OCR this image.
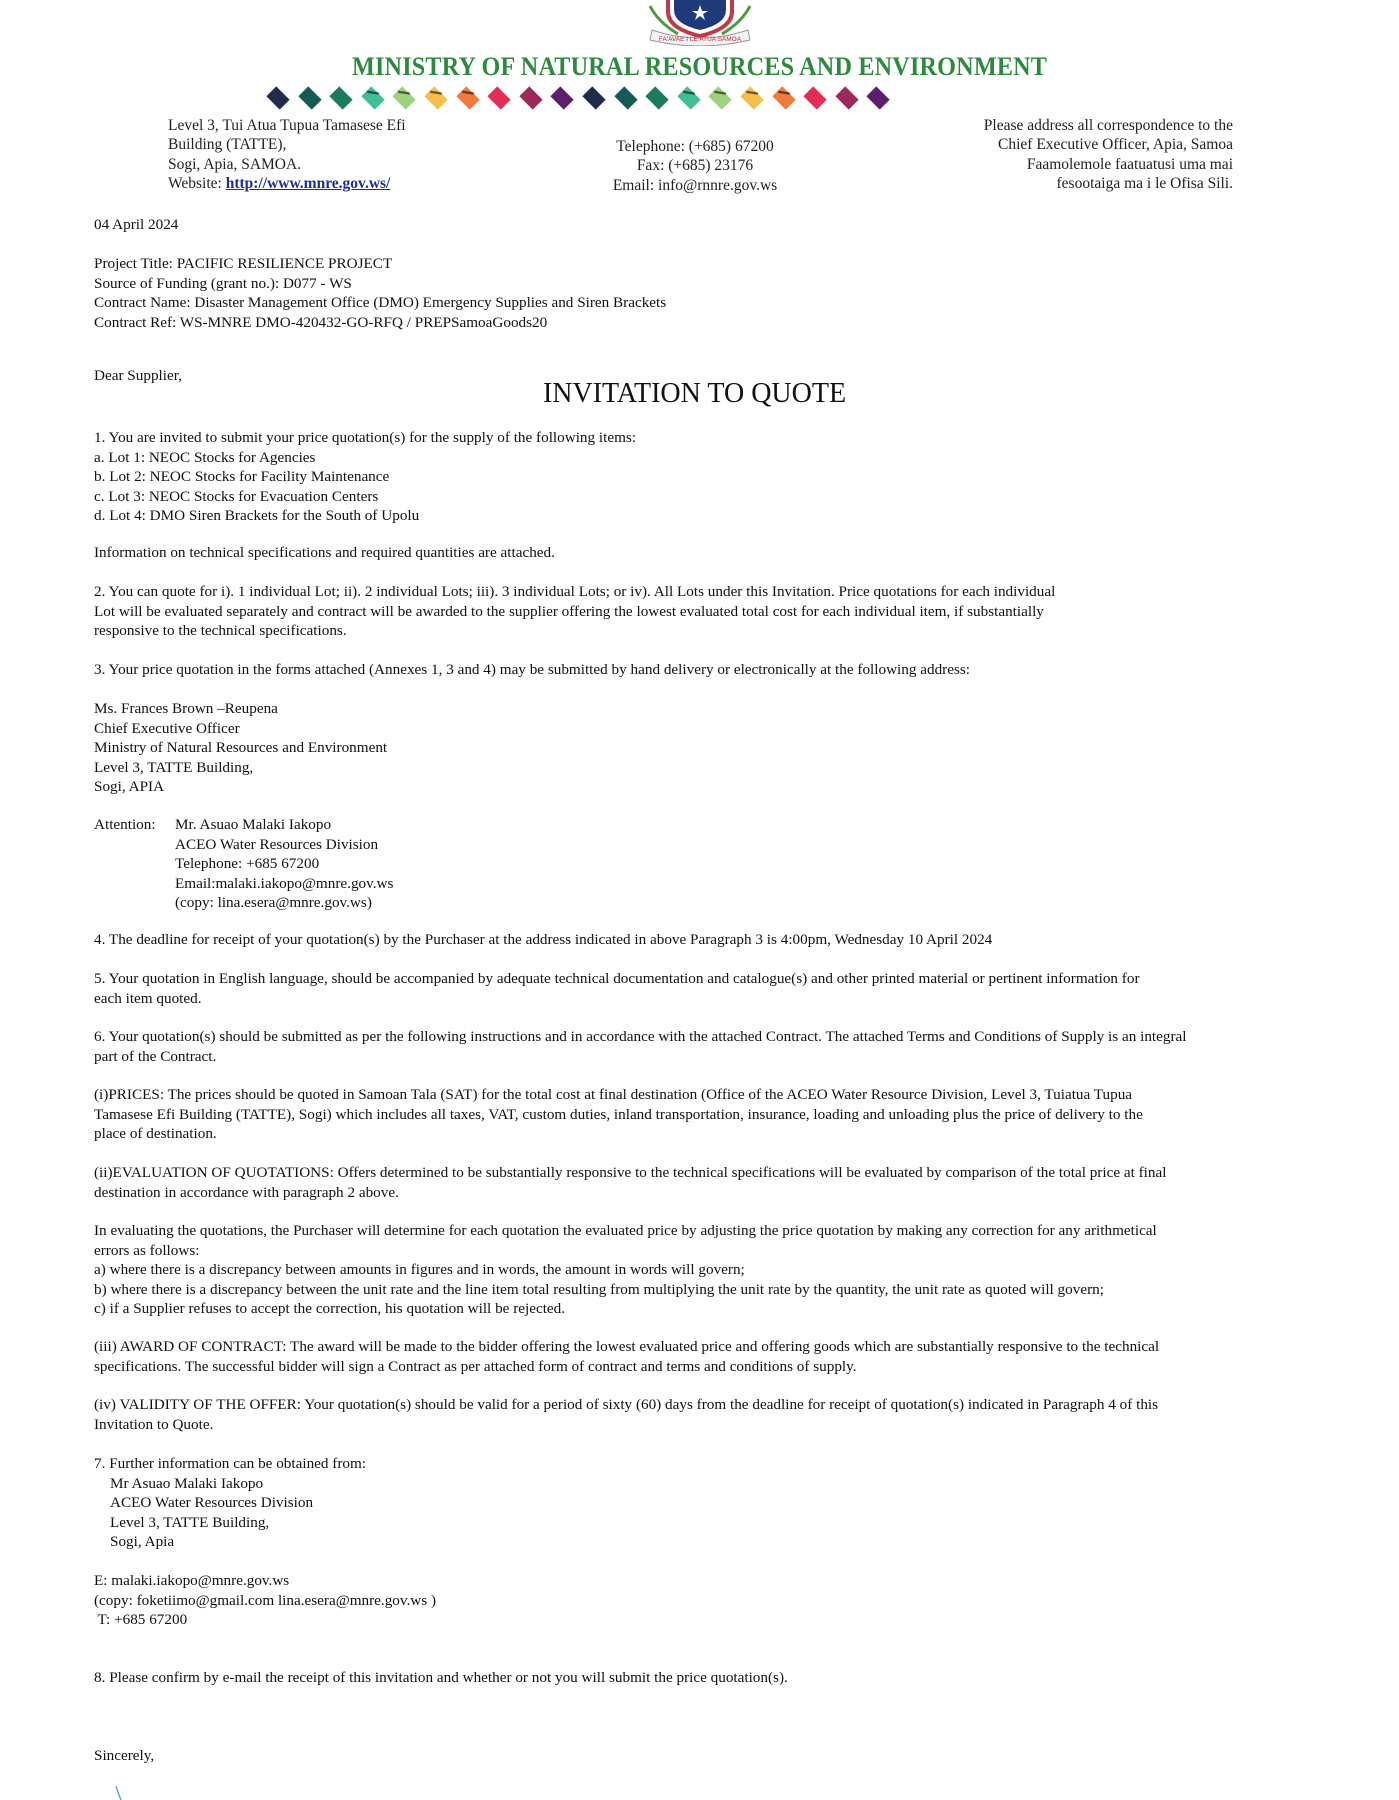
FA'AVAE I LE ATUA SAMOA
MINISTRY OF NATURAL RESOURCES AND ENVIRONMENT
Level 3, Tui Atua Tupua Tamasese Efi
Building (TATTE),
Sogi, Apia, SAMOA.
Website: http://www.mnre.gov.ws/
Telephone: (+685) 67200
Fax: (+685) 23176
Email: info@rnnre.gov.ws
Please address all correspondence to the
Chief Executive Officer, Apia, Samoa
Faamolemole faatuatusi uma mai
fesootaiga ma i le Ofisa Sili.
04 April 2024
Project Title: PACIFIC RESILIENCE PROJECT
Source of Funding (grant no.): D077 - WS
Contract Name: Disaster Management Office (DMO) Emergency Supplies and Siren Brackets
Contract Ref: WS-MNRE DMO-420432-GO-RFQ / PREPSamoaGoods20
Dear Supplier,
INVITATION TO QUOTE
1. You are invited to submit your price quotation(s) for the supply of the following items:
a. Lot 1: NEOC Stocks for Agencies
b. Lot 2: NEOC Stocks for Facility Maintenance
c. Lot 3: NEOC Stocks for Evacuation Centers
d. Lot 4: DMO Siren Brackets for the South of Upolu
Information on technical specifications and required quantities are attached.
2. You can quote for i). 1 individual Lot; ii). 2 individual Lots; iii). 3 individual Lots; or iv). All Lots under this Invitation. Price quotations for each individual
Lot will be evaluated separately and contract will be awarded to the supplier offering the lowest evaluated total cost for each individual item, if substantially
responsive to the technical specifications.
3. Your price quotation in the forms attached (Annexes 1, 3 and 4) may be submitted by hand delivery or electronically at the following address:
Ms. Frances Brown –Reupena
Chief Executive Officer
Ministry of Natural Resources and Environment
Level 3, TATTE Building,
Sogi, APIA
Attention:	Mr. Asuao Malaki Iakopo
ACEO Water Resources Division
Telephone: +685 67200
Email:malaki.iakopo@mnre.gov.ws
(copy: lina.esera@mnre.gov.ws)
4. The deadline for receipt of your quotation(s) by the Purchaser at the address indicated in above Paragraph 3 is 4:00pm, Wednesday 10 April 2024
5. Your quotation in English language, should be accompanied by adequate technical documentation and catalogue(s) and other printed material or pertinent information for
each item quoted.
6. Your quotation(s) should be submitted as per the following instructions and in accordance with the attached Contract. The attached Terms and Conditions of Supply is an integral
part of the Contract.
(i)PRICES: The prices should be quoted in Samoan Tala (SAT) for the total cost at final destination (Office of the ACEO Water Resource Division, Level 3, Tuiatua Tupua
Tamasese Efi Building (TATTE), Sogi) which includes all taxes, VAT, custom duties, inland transportation, insurance, loading and unloading plus the price of delivery to the
place of destination.
(ii)EVALUATION OF QUOTATIONS: Offers determined to be substantially responsive to the technical specifications will be evaluated by comparison of the total price at final
destination in accordance with paragraph 2 above.
In evaluating the quotations, the Purchaser will determine for each quotation the evaluated price by adjusting the price quotation by making any correction for any arithmetical
errors as follows:
a) where there is a discrepancy between amounts in figures and in words, the amount in words will govern;
b) where there is a discrepancy between the unit rate and the line item total resulting from multiplying the unit rate by the quantity, the unit rate as quoted will govern;
c) if a Supplier refuses to accept the correction, his quotation will be rejected.
(iii) AWARD OF CONTRACT: The award will be made to the bidder offering the lowest evaluated price and offering goods which are substantially responsive to the technical
specifications. The successful bidder will sign a Contract as per attached form of contract and terms and conditions of supply.
(iv) VALIDITY OF THE OFFER: Your quotation(s) should be valid for a period of sixty (60) days from the deadline for receipt of quotation(s) indicated in Paragraph 4 of this
Invitation to Quote.
7. Further information can be obtained from:
Mr Asuao Malaki Iakopo
ACEO Water Resources Division
Level 3, TATTE Building,
Sogi, Apia
E: malaki.iakopo@mnre.gov.ws
(copy: foketiimo@gmail.com lina.esera@mnre.gov.ws )
T: +685 67200
8. Please confirm by e-mail the receipt of this invitation and whether or not you will submit the price quotation(s).
Sincerely,
